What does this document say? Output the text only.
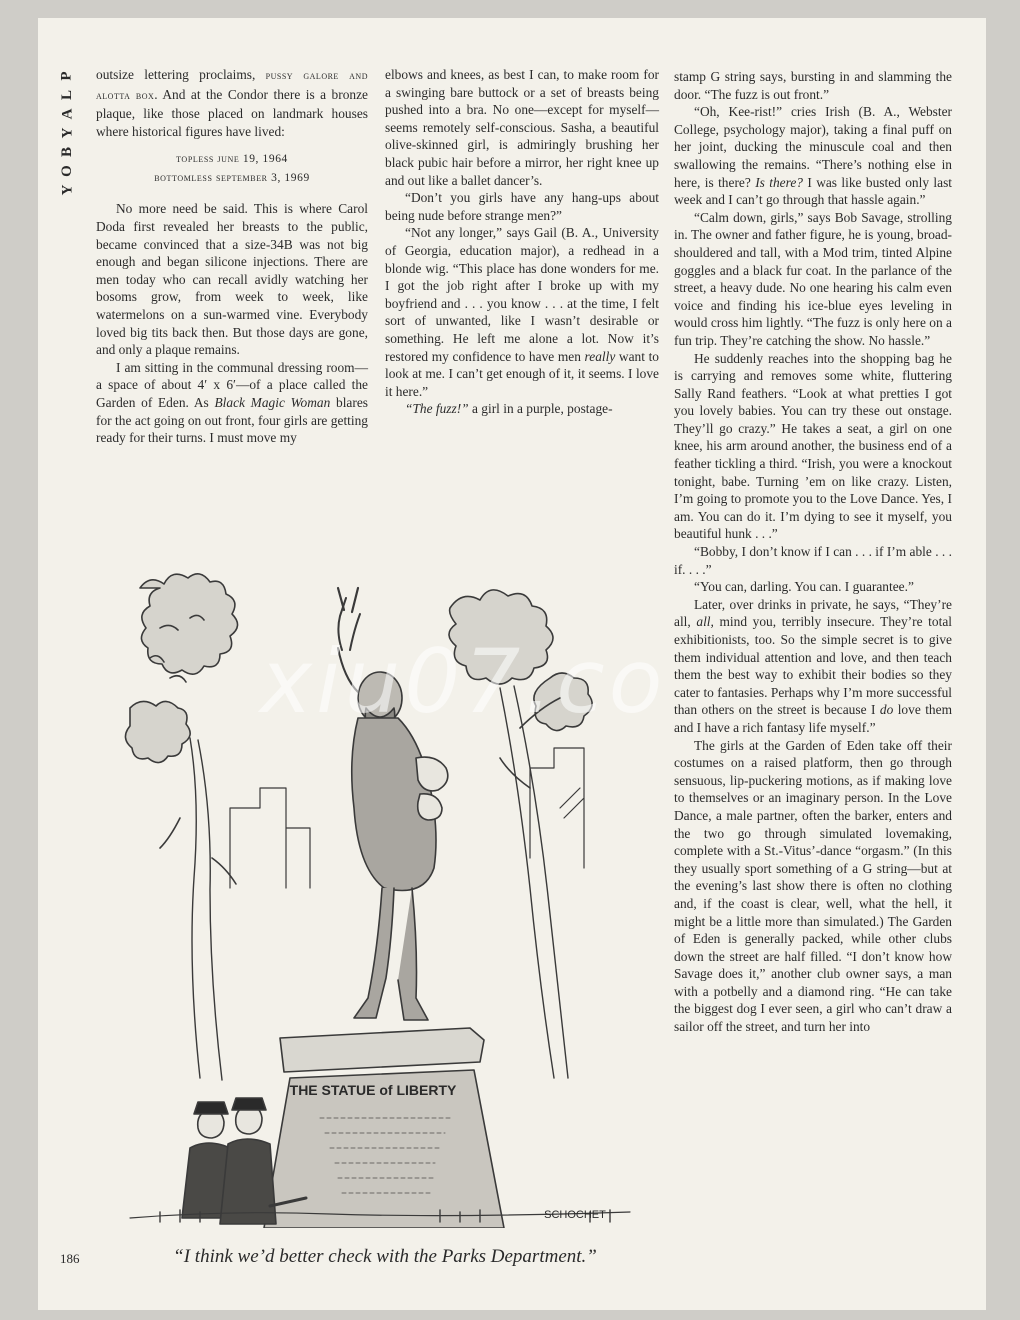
P
L
A
Y
B
O
Y

outsize lettering proclaims, pussy galore and alotta box. And at the Condor there is a bronze plaque, like those placed on landmark houses where historical figures have lived:

topless june 19, 1964
bottomless september 3, 1969

No more need be said. This is where Carol Doda first revealed her breasts to the public, became convinced that a size-34B was not big enough and began silicone injections. There are men today who can recall avidly watching her bosoms grow, from week to week, like watermelons on a sun-warmed vine. Everybody loved big tits back then. But those days are gone, and only a plaque remains.

I am sitting in the communal dressing room—a space of about 4′ x 6′—of a place called the Garden of Eden. As Black Magic Woman blares for the act going on out front, four girls are getting ready for their turns. I must move my

elbows and knees, as best I can, to make room for a swinging bare buttock or a set of breasts being pushed into a bra. No one—except for myself—seems remotely self-conscious. Sasha, a beautiful olive-skinned girl, is admiringly brushing her black pubic hair before a mirror, her right knee up and out like a ballet dancer’s.

“Don’t you girls have any hang-ups about being nude before strange men?”

“Not any longer,” says Gail (B. A., University of Georgia, education major), a redhead in a blonde wig. “This place has done wonders for me. I got the job right after I broke up with my boyfriend and . . . you know . . . at the time, I felt sort of unwanted, like I wasn’t desirable or something. He left me alone a lot. Now it’s restored my confidence to have men really want to look at me. I can’t get enough of it, it seems. I love it here.”

“The fuzz!” a girl in a purple, postage-

stamp G string says, bursting in and slamming the door. “The fuzz is out front.”

“Oh, Kee-rist!” cries Irish (B. A., Webster College, psychology major), taking a final puff on her joint, ducking the minuscule coal and then swallowing the remains. “There’s nothing else in here, is there? Is there? I was like busted only last week and I can’t go through that hassle again.”

“Calm down, girls,” says Bob Savage, strolling in. The owner and father figure, he is young, broad-shouldered and tall, with a Mod trim, tinted Alpine goggles and a black fur coat. In the parlance of the street, a heavy dude. No one hearing his calm even voice and finding his ice-blue eyes leveling in would cross him lightly. “The fuzz is only here on a fun trip. They’re catching the show. No hassle.”

He suddenly reaches into the shopping bag he is carrying and removes some white, fluttering Sally Rand feathers. “Look at what pretties I got you lovely babies. You can try these out onstage. They’ll go crazy.” He takes a seat, a girl on one knee, his arm around another, the business end of a feather tickling a third. “Irish, you were a knockout tonight, babe. Turning ’em on like crazy. Listen, I’m going to promote you to the Love Dance. Yes, I am. You can do it. I’m dying to see it myself, you beautiful hunk . . .”

“Bobby, I don’t know if I can . . . if I’m able . . . if. . . .”

“You can, darling. You can. I guarantee.”

Later, over drinks in private, he says, “They’re all, all, mind you, terribly insecure. They’re total exhibitionists, too. So the simple secret is to give them individual attention and love, and then teach them the best way to exhibit their bodies so they cater to fantasies. Perhaps why I’m more successful than others on the street is because I do love them and I have a rich fantasy life myself.”

The girls at the Garden of Eden take off their costumes on a raised platform, then go through sensuous, lip-puckering motions, as if making love to themselves or an imaginary person. In the Love Dance, a male partner, often the barker, enters and the two go through simulated lovemaking, complete with a St.-Vitus’-dance “orgasm.” (In this they usually sport something of a G string—but at the evening’s last show there is often no clothing and, if the coast is clear, well, what the hell, it might be a little more than simulated.) The Garden of Eden is generally packed, while other clubs down the street are half filled. “I don’t know how Savage does it,” another club owner says, a man with a potbelly and a diamond ring. “He can take the biggest dog I ever seen, a girl who can’t draw a sailor off the street, and turn her into

THE STATUE of LIBERTY
SCHOCHET
“I think we’d better check with the Parks Department.”
186
xiu07.co
